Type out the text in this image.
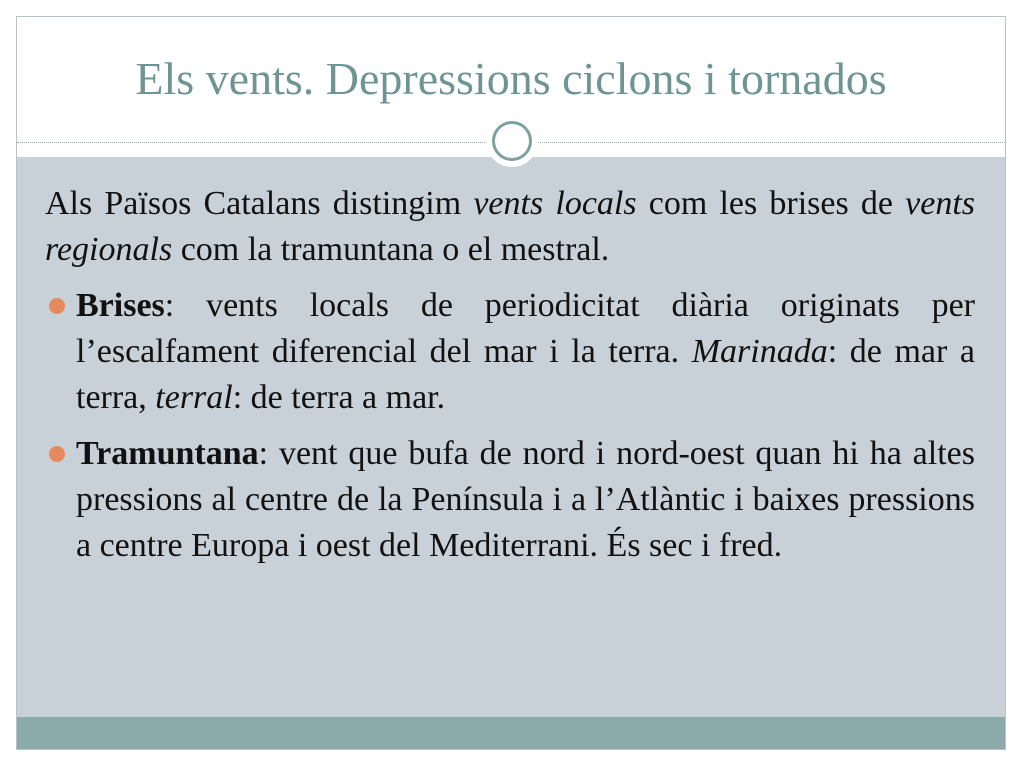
Els vents. Depressions ciclons i tornados

Als Països Catalans distingim vents locals com les brises de vents regionals com la tramuntana o el mestral.

Brises: vents locals de periodicitat diària originats per l’escalfament diferencial del mar i la terra. Marinada: de mar a terra, terral: de terra a mar.
Tramuntana: vent que bufa de nord i nord-oest quan hi ha altes pressions al centre de la Península i a l’Atlàntic i baixes pressions a centre Europa i oest del Mediterrani. És sec i fred.
